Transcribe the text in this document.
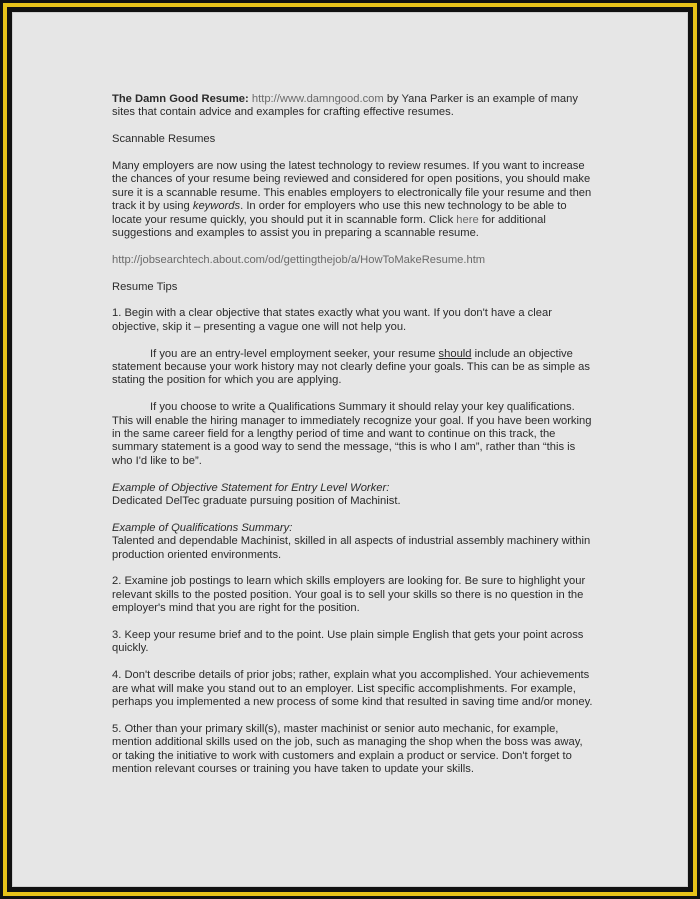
The Damn Good Resume: http://www.damngood.com by Yana Parker is an example of many sites that contain advice and examples for crafting effective resumes.

Scannable Resumes

Many employers are now using the latest technology to review resumes. If you want to increase the chances of your resume being reviewed and considered for open positions, you should make sure it is a scannable resume. This enables employers to electronically file your resume and then track it by using keywords. In order for employers who use this new technology to be able to locate your resume quickly, you should put it in scannable form. Click here for additional suggestions and examples to assist you in preparing a scannable resume.

http://jobsearchtech.about.com/od/gettingthejob/a/HowToMakeResume.htm

Resume Tips

1. Begin with a clear objective that states exactly what you want. If you don't have a clear objective, skip it – presenting a vague one will not help you.

If you are an entry-level employment seeker, your resume should include an objective statement because your work history may not clearly define your goals. This can be as simple as stating the position for which you are applying.

If you choose to write a Qualifications Summary it should relay your key qualifications. This will enable the hiring manager to immediately recognize your goal. If you have been working in the same career field for a lengthy period of time and want to continue on this track, the summary statement is a good way to send the message, “this is who I am”, rather than “this is who I'd like to be”.

Example of Objective Statement for Entry Level Worker:
Dedicated DelTec graduate pursuing position of Machinist.

Example of Qualifications Summary:
Talented and dependable Machinist, skilled in all aspects of industrial assembly machinery within production oriented environments.

2. Examine job postings to learn which skills employers are looking for. Be sure to highlight your relevant skills to the posted position. Your goal is to sell your skills so there is no question in the employer's mind that you are right for the position.

3. Keep your resume brief and to the point. Use plain simple English that gets your point across quickly.

4. Don't describe details of prior jobs; rather, explain what you accomplished. Your achievements are what will make you stand out to an employer. List specific accomplishments. For example, perhaps you implemented a new process of some kind that resulted in saving time and/or money.

5. Other than your primary skill(s), master machinist or senior auto mechanic, for example, mention additional skills used on the job, such as managing the shop when the boss was away, or taking the initiative to work with customers and explain a product or service. Don't forget to mention relevant courses or training you have taken to update your skills.
